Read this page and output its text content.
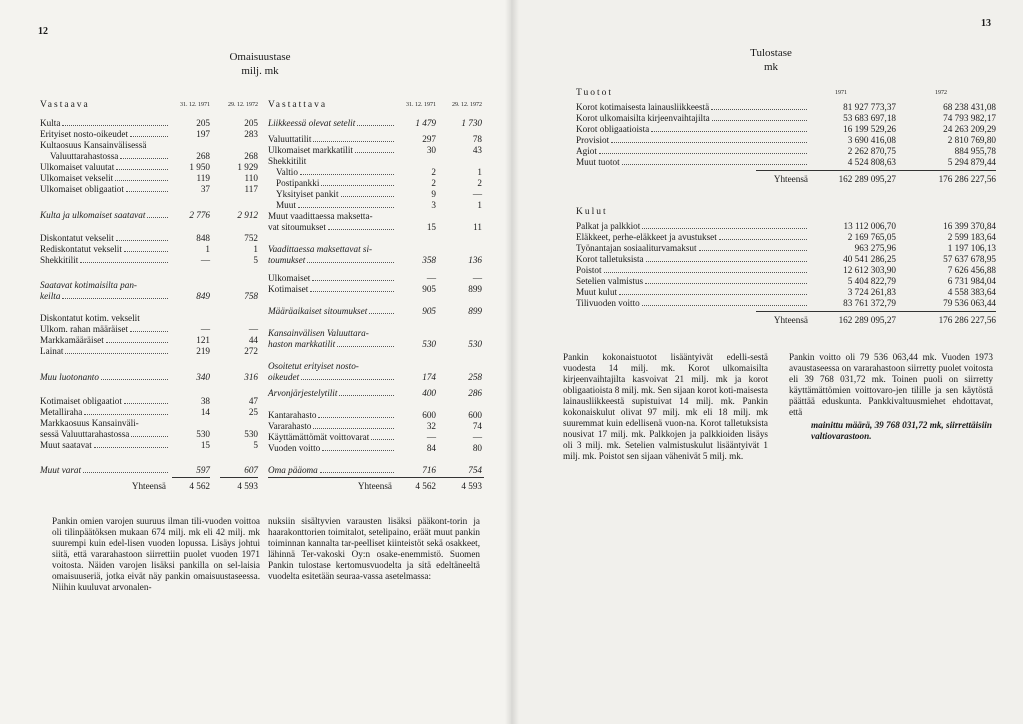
12
Omaisuustase
milj. mk
Vastaava	31. 12. 1971	29. 12. 1972
Kulta	205	205
Erityiset nosto-oikeudet	197	283
Kultaosuus Kansainvälisessä
Valuuttarahastossa	268	268
Ulkomaiset valuutat	1 950	1 929
Ulkomaiset vekselit	119	110
Ulkomaiset obligaatiot	37	117
Kulta ja ulkomaiset saatavat	2 776	2 912
Diskontatut vekselit	848	752
Rediskontatut vekselit	1	1
Shekkitilit	—	5
Saatavat kotimaisilta pan-
keilta	849	758
Diskontatut kotim. vekselit
Ulkom. rahan määräiset	—	—
Markkamääräiset	121	44
Lainat	219	272
Muu luotonanto	340	316
Kotimaiset obligaatiot	38	47
Metalliraha	14	25
Markkaosuus Kansainväli-
sessä Valuuttarahastossa	530	530
Muut saatavat	15	5
Muut varat	597	607
Yhteensä	4 562	4 593
Vastattava	31. 12. 1971	29. 12. 1972
Liikkeessä olevat setelit	1 479	1 730
Valuuttatilit	297	78
Ulkomaiset markkatilit	30	43
Shekkitilit
Valtio	2	1
Postipankki	2	2
Yksityiset pankit	9	—
Muut	3	1
Muut vaadittaessa maksetta-
vat sitoumukset	15	11
Vaadittaessa maksettavat si-
toumukset	358	136
Ulkomaiset	—	—
Kotimaiset	905	899
Määräaikaiset sitoumukset	905	899
Kansainvälisen Valuuttara-
haston markkatilit	530	530
Osoitetut erityiset nosto-
oikeudet	174	258
Arvonjärjestelytilit	400	286
Kantarahasto	600	600
Vararahasto	32	74
Käyttämättömät voittovarat	—	—
Vuoden voitto	84	80
Oma pääoma	716	754
Yhteensä	4 562	4 593
Pankin omien varojen suuruus ilman tili-vuoden voittoa oli tilinpäätöksen mukaan 674 milj. mk eli 42 milj. mk suurempi kuin edel-lisen vuoden lopussa. Lisäys johtui siitä, että vararahastoon siirrettiin puolet vuoden 1971 voitosta. Näiden varojen lisäksi pankilla on sel-laisia omaisuuseriä, jotka eivät näy pankin omaisuustaseessa. Niihin kuuluvat arvonalen-
nuksiin sisältyvien varausten lisäksi pääkont-torin ja haarakonttorien toimitalot, setelipaino, eräät muut pankin toiminnan kannalta tar-peelliset kiinteistöt sekä osakkeet, lähinnä Ter-vakoski Oy:n osake-enemmistö. Suomen Pankin tulostase kertomusvuodelta ja sitä edeltäneeltä vuodelta esitetään seuraa-vassa asetelmassa:
13
Tulostase
mk
Tuotot	1971	1972
Korot kotimaisesta lainausliikkeestä	81 927 773,37	68 238 431,08
Korot ulkomaisilta kirjeenvaihtajilta	53 683 697,18	74 793 982,17
Korot obligaatioista	16 199 529,26	24 263 209,29
Provisiot	3 690 416,08	2 810 769,80
Agiot	2 262 870,75	884 955,78
Muut tuotot	4 524 808,63	5 294 879,44
Yhteensä	162 289 095,27	176 286 227,56
Kulut
Palkat ja palkkiot	13 112 006,70	16 399 370,84
Eläkkeet, perhe-eläkkeet ja avustukset	2 169 765,05	2 599 183,64
Työnantajan sosiaaliturvamaksut	963 275,96	1 197 106,13
Korot talletuksista	40 541 286,25	57 637 678,95
Poistot	12 612 303,90	7 626 456,88
Setelien valmistus	5 404 822,79	6 731 984,04
Muut kulut	3 724 261,83	4 558 383,64
Tilivuoden voitto	83 761 372,79	79 536 063,44
Yhteensä	162 289 095,27	176 286 227,56
Pankin kokonaistuotot lisääntyivät edelli-sestä vuodesta 14 milj. mk. Korot ulkomaisilta kirjeenvaihtajilta kasvoivat 21 milj. mk ja korot obligaatioista 8 milj. mk. Sen sijaan korot koti-maisesta lainausliikkeestä supistuivat 14 milj. mk. Pankin kokonaiskulut olivat 97 milj. mk eli 18 milj. mk suuremmat kuin edellisenä vuon-na. Korot talletuksista nousivat 17 milj. mk. Palkkojen ja palkkioiden lisäys oli 3 milj. mk. Setelien valmistuskulut lisääntyivät 1 milj. mk. Poistot sen sijaan vähenivät 5 milj. mk.
Pankin voitto oli 79 536 063,44 mk. Vuoden 1973 avaustaseessa on vararahastoon siirretty puolet voitosta eli 39 768 031,72 mk. Toinen puoli on siirretty käyttämättömien voittovaro-jen tilille ja sen käytöstä päättää eduskunta. Pankkivaltuusmiehet ehdottavat, että
mainittu määrä, 39 768 031,72 mk, siirrettäisiin valtiovarastoon.
